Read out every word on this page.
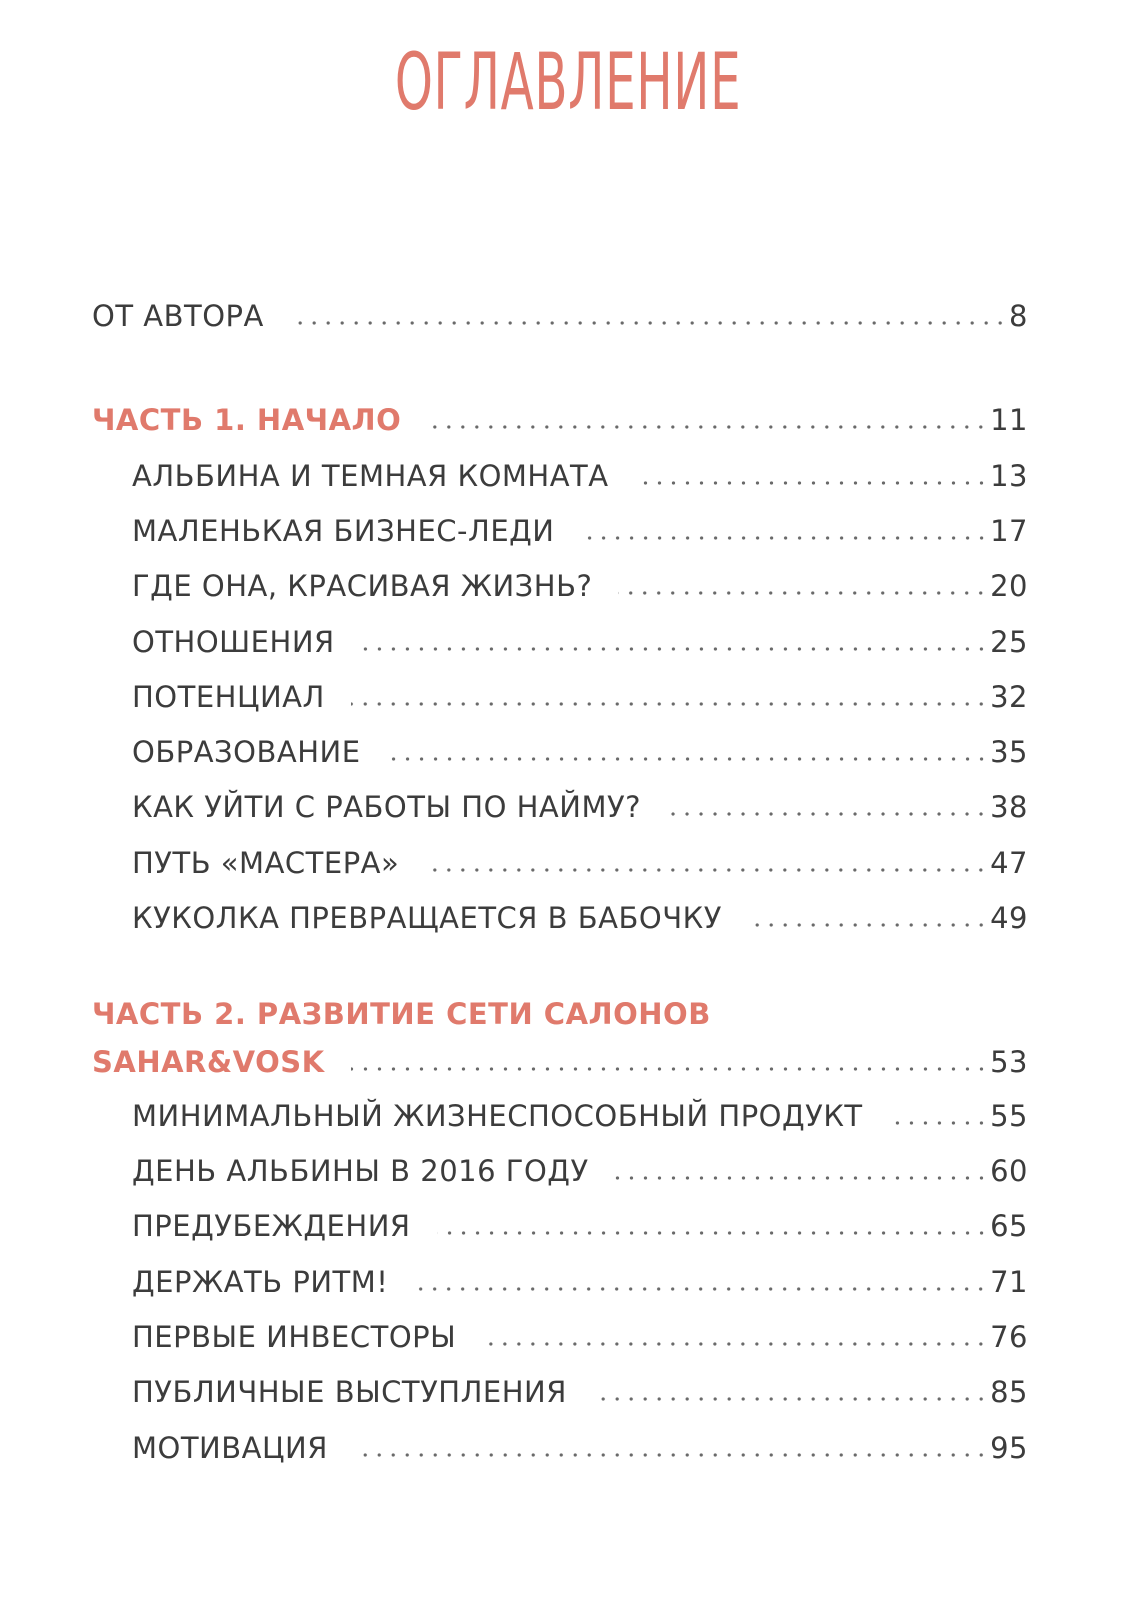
ОГЛАВЛЕНИЕ
ОТ АВТОРА	8
ЧАСТЬ 1. НАЧАЛО	11
АЛЬБИНА И ТЕМНАЯ КОМНАТА	13
МАЛЕНЬКАЯ БИЗНЕС-ЛЕДИ	17
ГДЕ ОНА, КРАСИВАЯ ЖИЗНЬ?	20
ОТНОШЕНИЯ	25
ПОТЕНЦИАЛ	32
ОБРАЗОВАНИЕ	35
КАК УЙТИ С РАБОТЫ ПО НАЙМУ?	38
ПУТЬ «МАСТЕРА»	47
КУКОЛКА ПРЕВРАЩАЕТСЯ В БАБОЧКУ	49
ЧАСТЬ 2. РАЗВИТИЕ СЕТИ САЛОНОВ
SAHAR&VOSK	53
МИНИМАЛЬНЫЙ ЖИЗНЕСПОСОБНЫЙ ПРОДУКТ	55
ДЕНЬ АЛЬБИНЫ В 2016 ГОДУ	60
ПРЕДУБЕЖДЕНИЯ	65
ДЕРЖАТЬ РИТМ!	71
ПЕРВЫЕ ИНВЕСТОРЫ	76
ПУБЛИЧНЫЕ ВЫСТУПЛЕНИЯ	85
МОТИВАЦИЯ	95
